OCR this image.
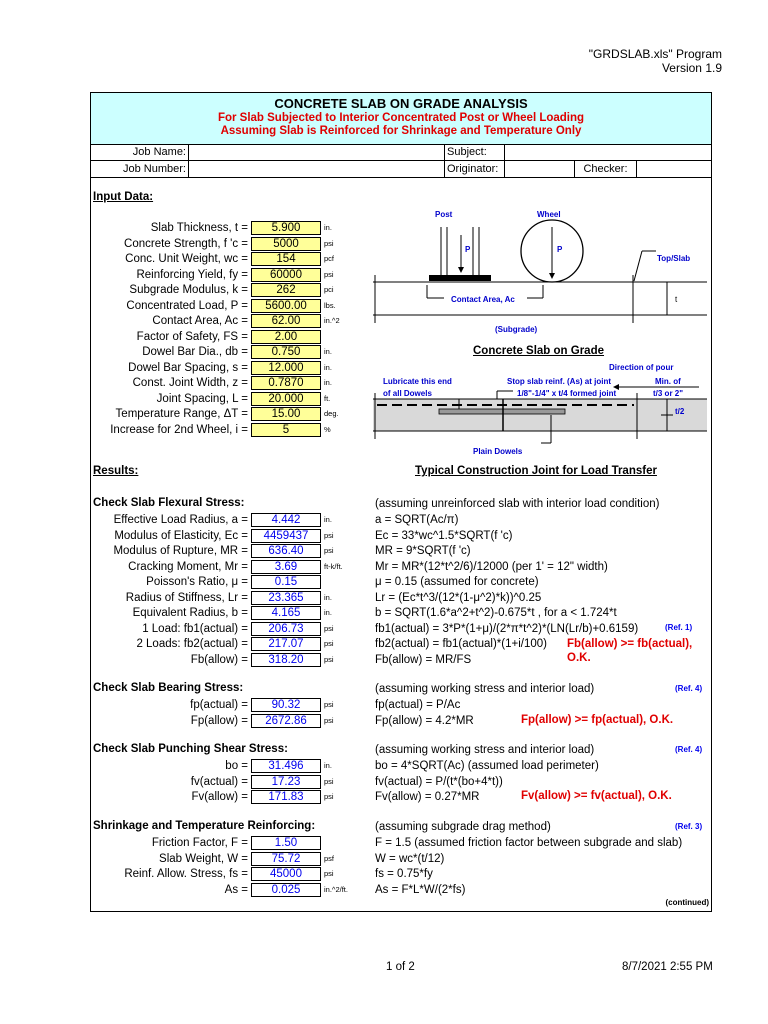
"GRDSLAB.xls" Program
Version 1.9
CONCRETE SLAB ON GRADE ANALYSIS
For Slab Subjected to Interior Concentrated Post or Wheel Loading
Assuming Slab is Reinforced for Shrinkage and Temperature Only
Job Name:	Subject:
Job Number:	Originator:	Checker:
Input Data:
Slab Thickness, t =	5.900	in.
Concrete Strength, f 'c =	5000	psi
Conc. Unit Weight, wc =	154	pcf
Reinforcing Yield, fy =	60000	psi
Subgrade Modulus, k =	262	pci
Concentrated Load, P =	5600.00	lbs.
Contact Area, Ac =	62.00	in.^2
Factor of Safety, FS =	2.00
Dowel Bar Dia., db =	0.750	in.
Dowel Bar Spacing, s =	12.000	in.
Const. Joint Width, z =	0.7870	in.
Joint Spacing, L =	20.000	ft.
Temperature Range, ΔT =	15.00	deg.
Increase for 2nd Wheel, i =	5	%
Post	Wheel
P	P
Top/Slab
Contact Area, Ac	t
(Subgrade)
Concrete Slab on Grade
Direction of pour
Lubricate this end
of all Dowels
Stop slab reinf. (As) at joint
1/8"-1/4" x t/4 formed joint
Min. of
t/3 or 2"
t/2
Plain Dowels
Typical Construction Joint for Load Transfer
Results:
Check Slab Flexural Stress:	(assuming unreinforced slab with interior load condition)
Effective Load Radius, a =	4.442	in.	a = SQRT(Ac/π)
Modulus of Elasticity, Ec =	4459437	psi	Ec = 33*wc^1.5*SQRT(f 'c)
Modulus of Rupture, MR =	636.40	psi	MR = 9*SQRT(f 'c)
Cracking Moment, Mr =	3.69	ft-k/ft.	Mr = MR*(12*t^2/6)/12000 (per 1' = 12" width)
Poisson's Ratio, μ =	0.15	μ = 0.15 (assumed for concrete)
Radius of Stiffness, Lr =	23.365	in.	Lr = (Ec*t^3/(12*(1-μ^2)*k))^0.25
Equivalent Radius, b =	4.165	in.	b = SQRT(1.6*a^2+t^2)-0.675*t , for a < 1.724*t
1 Load: fb1(actual) =	206.73	psi	fb1(actual) = 3*P*(1+μ)/(2*π*t^2)*(LN(Lr/b)+0.6159)
2 Loads: fb2(actual) =	217.07	psi	fb2(actual) = fb1(actual)*(1+i/100)
Fb(allow) =	318.20	psi	Fb(allow) = MR/FS
(Ref. 1)
Fb(allow) >= fb(actual), O.K.
Check Slab Bearing Stress:	(assuming working stress and interior load)	(Ref. 4)
fp(actual) =	90.32	psi	fp(actual) = P/Ac
Fp(allow) =	2672.86	psi	Fp(allow) = 4.2*MR	Fp(allow) >= fp(actual), O.K.
Check Slab Punching Shear Stress:	(assuming working stress and interior load)	(Ref. 4)
bo =	31.496	in.	bo = 4*SQRT(Ac) (assumed load perimeter)
fv(actual) =	17.23	psi	fv(actual) = P/(t*(bo+4*t))
Fv(allow) =	171.83	psi	Fv(allow) = 0.27*MR	Fv(allow) >= fv(actual), O.K.
Shrinkage and Temperature Reinforcing:	(assuming subgrade drag method)	(Ref. 3)
Friction Factor, F =	1.50	F = 1.5 (assumed friction factor between subgrade and slab)
Slab Weight, W =	75.72	psf	W = wc*(t/12)
Reinf. Allow. Stress, fs =	45000	psi	fs = 0.75*fy
As =	0.025	in.^2/ft. As = F*L*W/(2*fs)
(continued)
1 of 2	8/7/2021 2:55 PM
